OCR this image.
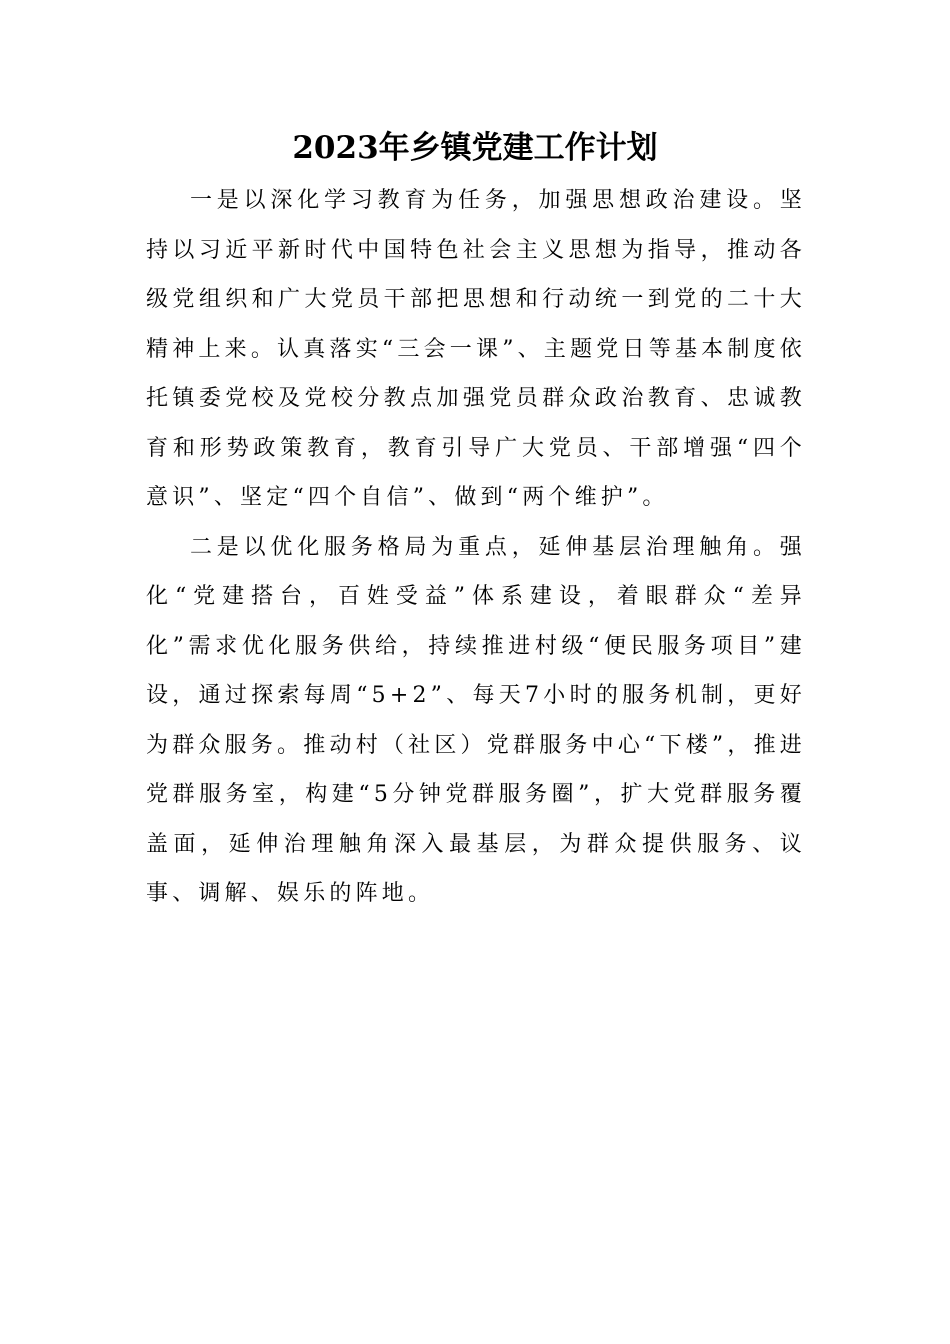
2023年乡镇党建工作计划

一是以深化学习教育为任务，加强思想政治建设。坚持以习近平新时代中国特色社会主义思想为指导，推动各级党组织和广大党员干部把思想和行动统一到党的二十大精神上来。认真落实“三会一课”、主题党日等基本制度依托镇委党校及党校分教点加强党员群众政治教育、忠诚教育和形势政策教育，教育引导广大党员、干部增强“四个意识”、坚定“四个自信”、做到“两个维护”。

二是以优化服务格局为重点，延伸基层治理触角。强化“党建搭台，百姓受益”体系建设，着眼群众“差异化”需求优化服务供给，持续推进村级“便民服务项目”建设，通过探索每周“5+2”、每天7小时的服务机制，更好为群众服务。推动村（社区）党群服务中心“下楼”，推进党群服务室，构建“5分钟党群服务圈”，扩大党群服务覆盖面，延伸治理触角深入最基层，为群众提供服务、议事、调解、娱乐的阵地。
